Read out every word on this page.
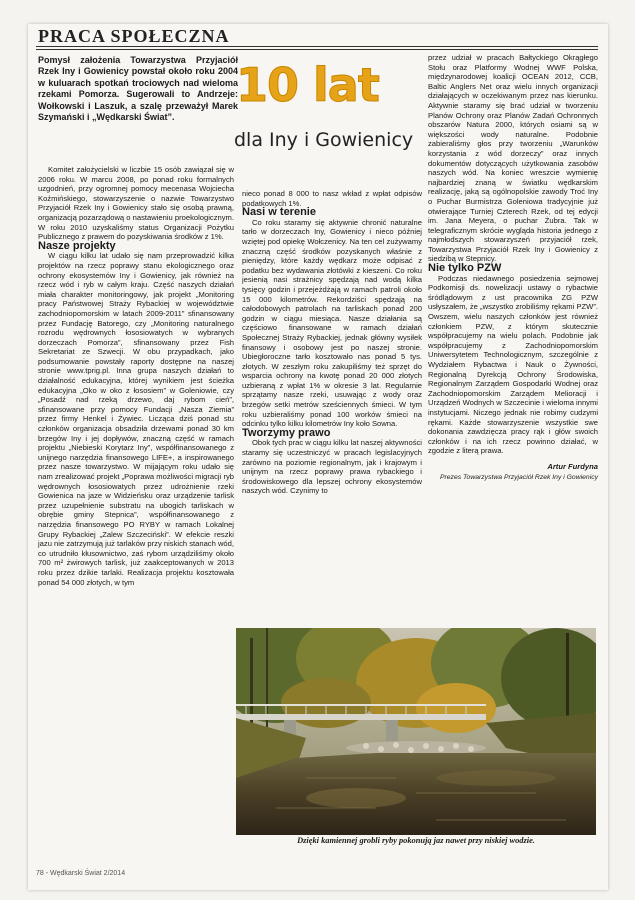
PRACA SPOŁECZNA
Pomysł założenia Towarzystwa Przyjaciół Rzek Iny i Gowienicy powstał około roku 2004 w kuluarach spotkań trociowych nad wieloma rzekami Pomorza. Sugerowali to Andrzeje: Wołkowski i Laszuk, a szalę przeważył Marek Szymański i „Wędkarski Świat”.
10 lat
dla Iny i Gowienicy

Komitet założycielski w liczbie 15 osób zawiązał się w 2006 roku. W marcu 2008, po ponad roku formalnych uzgodnień, przy ogromnej pomocy mecenasa Wojciecha Koźmińskiego, stowarzyszenie o nazwie Towarzystwo Przyjaciół Rzek Iny i Gowienicy stało się osobą prawną, organizacją pozarządową o nastawieniu proekologicznym. W roku 2010 uzyskaliśmy status Organizacji Pożytku Publicznego z prawem do pozyskiwania środków z 1%.

Nasze projekty

W ciągu kilku lat udało się nam przeprowadzić kilka projektów na rzecz poprawy stanu ekologicznego oraz ochrony ekosystemów Iny i Gowienicy, jak również na rzecz wód i ryb w całym kraju. Część naszych działań miała charakter monitoringowy, jak projekt „Monitoring pracy Państwowej Straży Rybackiej w województwie zachodniopomorskim w latach 2009-2011” sfinansowany przez Fundację Batorego, czy „Monitoring naturalnego rozrodu wędrownych łososiowatych w wybranych dorzeczach Pomorza”, sfinansowany przez Fish Sekretariat ze Szwecji. W obu przypadkach, jako podsumowanie powstały raporty dostępne na naszej stronie www.tprig.pl. Inna grupa naszych działań to działalność edukacyjna, której wynikiem jest ścieżka edukacyjna „Oko w oko z łososiem” w Goleniowie, czy „Posadź nad rzeką drzewo, daj rybom cień”, sfinansowane przy pomocy Fundacji „Nasza Ziemia” przez firmy Henkel i Żywiec. Licząca dziś ponad stu członków organizacja obsadziła drzewami ponad 30 km brzegów Iny i jej dopływów, znaczną część w ramach projektu „Niebieski Korytarz Iny”, współfinansowanego z unijnego narzędzia finansowego LIFE+, a inspirowanego przez nasze towarzystwo. W mijającym roku udało się nam zrealizować projekt „Poprawa możliwości migracji ryb wędrownych łososiowatych przez udrożnienie rzeki Gowienica na jaze w Widzieńsku oraz urządzenie tarlisk przez uzupełnienie substratu na ubogich tarliskach w obrębie gminy Stepnica”, współfinansowanego z narzędzia finansowego PO RYBY w ramach Lokalnej Grupy Rybackiej „Zalew Szczeciński”. W efekcie reszki jazu nie zatrzymują już tarlaków przy niskich stanach wód, co utrudniło kłusownictwo, zaś rybom urządziliśmy około 700 m² żwirowych tarlisk, już zaakceptowanych w 2013 roku przez dzikie tarlaki. Realizacja projektu kosztowała ponad 54 000 złotych, w tym

nieco ponad 8 000 to nasz wkład z wpłat odpisów podatkowych 1%.

Nasi w terenie

Co roku staramy się aktywnie chronić naturalne tarło w dorzeczach Iny, Gowienicy i nieco później wziętej pod opiekę Wołczenicy. Na ten cel zużywamy znaczną część środków pozyskanych właśnie z pieniędzy, które każdy wędkarz może odpisać z podatku bez wydawania złotówki z kieszeni. Co roku jesienią nasi strażnicy spędzają nad wodą kilka tysięcy godzin i przejeżdżają w ramach patroli około 15 000 kilometrów. Rekordziści spędzają na całodobowych patrolach na tarliskach ponad 200 godzin w ciągu miesiąca. Nasze działania są częściowo finansowane w ramach działań Społecznej Straży Rybackiej, jednak główny wysiłek finansowy i osobowy jest po naszej stronie. Ubiegłoroczne tarło kosztowało nas ponad 5 tys. złotych. W zeszłym roku zakupiliśmy też sprzęt do wsparcia ochrony na kwotę ponad 20 000 złotych uzbieraną z wpłat 1% w okresie 3 lat. Regularnie sprzątamy nasze rzeki, usuwając z wody oraz brzegów setki metrów sześciennych śmieci. W tym roku uzbieraliśmy ponad 100 worków śmieci na odcinku tylko kilku kilometrów Iny koło Sowna.

Tworzymy prawo

Obok tych prac w ciągu kilku lat naszej aktywności staramy się uczestniczyć w pracach legislacyjnych zarówno na poziomie regionalnym, jak i krajowym i unijnym na rzecz poprawy prawa rybackiego i środowiskowego dla lepszej ochrony ekosystemów naszych wód. Czynimy to

przez udział w pracach Bałtyckiego Okrągłego Stołu oraz Platformy Wodnej WWF Polska, międzynarodowej koalicji OCEAN 2012, CCB, Baltic Anglers Net oraz wielu innych organizacji działających w oczekiwanym przez nas kierunku. Aktywnie staramy się brać udział w tworzeniu Planów Ochrony oraz Planów Zadań Ochronnych obszarów Natura 2000, których osiami są w większości wody naturalne. Podobnie zabieraliśmy głos przy tworzeniu „Warunków korzystania z wód dorzeczy” oraz innych dokumentów dotyczących użytkowania zasobów naszych wód. Na koniec wreszcie wymienię najbardziej znaną w światku wędkarskim realizację, jaką są ogólnopolskie zawody Troć Iny o Puchar Burmistrza Goleniowa tradycyjnie już otwierające Turniej Czterech Rzek, od tej edycji im. Jana Meyera, o puchar Żubra. Tak w telegraficznym skrócie wygląda historia jednego z najmłodszych stowarzyszeń przyjaciół rzek, Towarzystwa Przyjaciół Rzek Iny i Gowienicy z siedzibą w Stepnicy.

Nie tylko PZW

Podczas niedawnego posiedzenia sejmowej Podkomisji ds. nowelizacji ustawy o rybactwie śródlądowym z ust pracownika ZG PZW usłyszałem, że „wszystko zrobiliśmy rękami PZW”. Owszem, wielu naszych członków jest również członkiem PZW, z którym skutecznie współpracujemy na wielu polach. Podobnie jak współpracujemy z Zachodniopomorskim Uniwersytetem Technologicznym, szczególnie z Wydziałem Rybactwa i Nauk o Żywności, Regionalną Dyrekcją Ochrony Środowiska, Regionalnym Zarządem Gospodarki Wodnej oraz Zachodniopomorskim Zarządem Melioracji i Urządzeń Wodnych w Szczecinie i wieloma innymi instytucjami. Niczego jednak nie robimy cudzymi rękami. Każde stowarzyszenie wszystkie swe dokonania zawdzięcza pracy rąk i głów swoich członków i na ich rzecz powinno działać, w zgodzie z literą prawa.

Artur Furdyna

Prezes Towarzystwa Przyjaciół Rzek Iny i Gowienicy

Dzięki kamiennej grobli ryby pokonują jaz nawet przy niskiej wodzie.
78 - Wędkarski Świat 2/2014
